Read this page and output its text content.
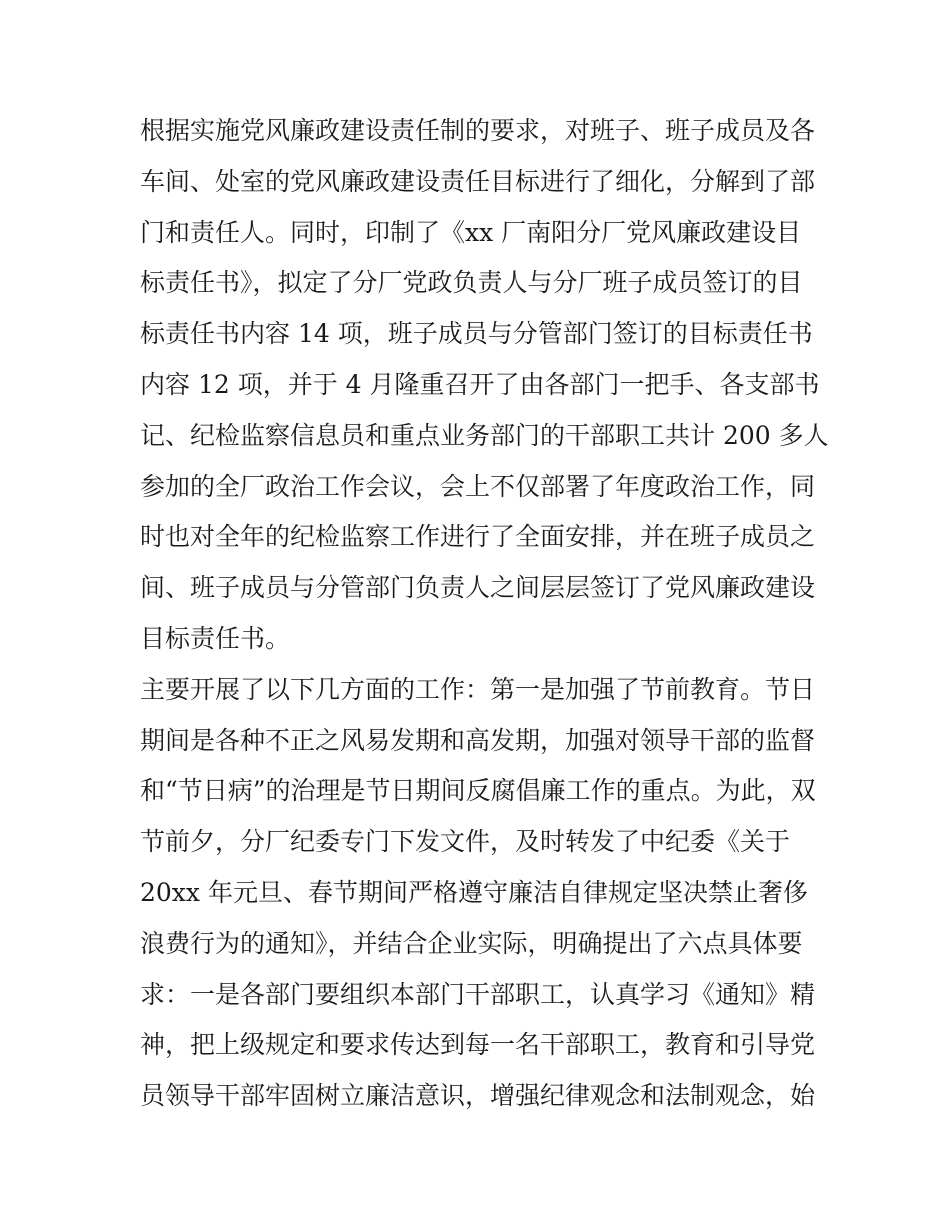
根据实施党风廉政建设责任制的要求，对班子、班子成员及各
车间、处室的党风廉政建设责任目标进行了细化，分解到了部
门和责任人。同时，印制了《xx 厂南阳分厂党风廉政建设目
标责任书》，拟定了分厂党政负责人与分厂班子成员签订的目
标责任书内容 14 项，班子成员与分管部门签订的目标责任书
内容 12 项，并于 4 月隆重召开了由各部门一把手、各支部书
记、纪检监察信息员和重点业务部门的干部职工共计 200 多人
参加的全厂政治工作会议，会上不仅部署了年度政治工作，同
时也对全年的纪检监察工作进行了全面安排，并在班子成员之
间、班子成员与分管部门负责人之间层层签订了党风廉政建设
目标责任书。
主要开展了以下几方面的工作：第一是加强了节前教育。节日
期间是各种不正之风易发期和高发期，加强对领导干部的监督
和“节日病”的治理是节日期间反腐倡廉工作的重点。为此，双
节前夕，分厂纪委专门下发文件，及时转发了中纪委《关于
20xx 年元旦、春节期间严格遵守廉洁自律规定坚决禁止奢侈
浪费行为的通知》，并结合企业实际，明确提出了六点具体要
求：一是各部门要组织本部门干部职工，认真学习《通知》精
神，把上级规定和要求传达到每一名干部职工，教育和引导党
员领导干部牢固树立廉洁意识，增强纪律观念和法制观念，始
